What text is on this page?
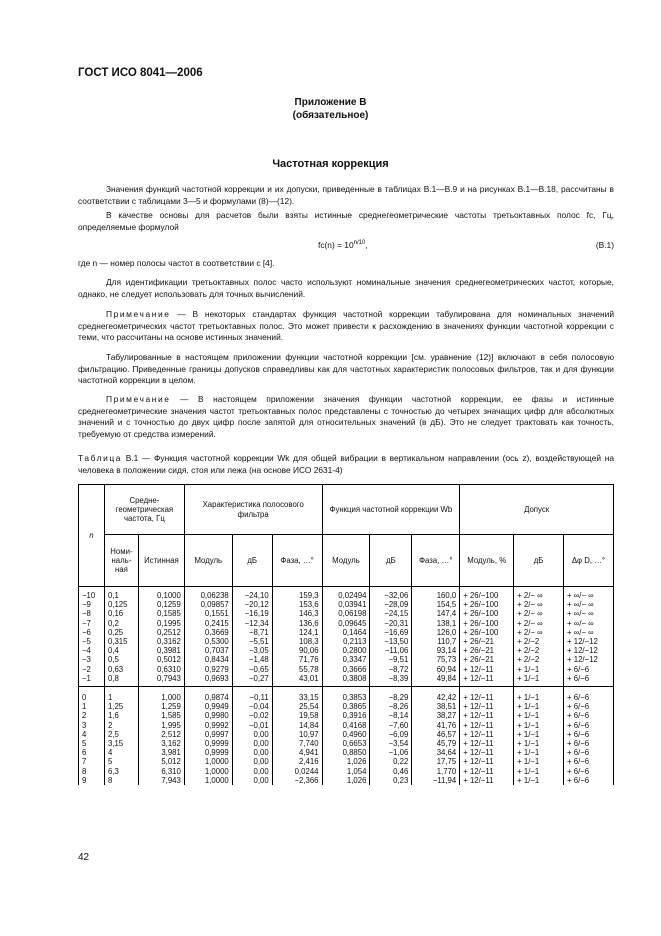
ГОСТ ИСО 8041—2006
Приложение В
(обязательное)
Частотная коррекция
Значения функций частотной коррекции и их допуски, приведенные в таблицах В.1—В.9 и на рисунках В.1—В.18, рассчитаны в соответствии с таблицами 3—5 и формулами (8)—(12).
В качестве основы для расчетов были взяты истинные среднегеометрические частоты третьоктавных полос fc, Гц, определяемые формулой
$fc(n) = 10^{n/10}$,	(В.1)
где n — номер полосы частот в соответствии с [4].
Для идентификации третьоктавных полос часто используют номинальные значения среднегеометрических частот, которые, однако, не следует использовать для точных вычислений.
Примечание — В некоторых стандартах функция частотной коррекции табулирована для номинальных значений среднегеометрических частот третьоктавных полос. Это может привести к расхождению в значениях функции частотной коррекции с теми, что рассчитаны на основе истинных значений.
Табулированные в настоящем приложении функции частотной коррекции [см. уравнение (12)] включают в себя полосовую фильтрацию. Приведенные границы допусков справедливы как для частотных характеристик полосовых фильтров, так и для функции частотной коррекции в целом.
Примечание — В настоящем приложении значения функции частотной коррекции, ее фазы и истинные среднегеометрические значения частот третьоктавных полос представлены с точностью до четырех значащих цифр для абсолютных значений и с точностью до двух цифр после запятой для относительных значений (в дБ). Это не следует трактовать как точность, требуемую от средства измерений.
Таблица В.1 — Функция частотной коррекции Wk для общей вибрации в вертикальном направлении (ось z), воздействующей на человека в положении сидя, стоя или лежа (на основе ИСО 2631-4)
n	Средне-геометрическая частота, Гц		Характеристика полосового фильтра			Функция частотной коррекции Wb			Допуск		
	Номи-наль-ная	Истинная	Модуль	дБ	Фаза, …°	Модуль	дБ	Фаза, …°	Модуль, %	дБ	Δφ D, …°
−10	0,1	0,1000	0,06238	−24,10	159,3	0,02494	−32,06	160,0	+ 26/−100	+ 2/− ∞	+ ∞/− ∞
−9	0,125	0,1259	0,09857	−20,12	153,6	0,03941	−28,09	154,5	+ 26/−100	+ 2/− ∞	+ ∞/− ∞
−8	0,16	0,1585	0,1551	−16,19	146,3	0,06198	−24,15	147,4	+ 26/−100	+ 2/− ∞	+ ∞/− ∞
−7	0,2	0,1995	0,2415	−12,34	136,6	0,09645	−20,31	138,1	+ 26/−100	+ 2/− ∞	+ ∞/− ∞
−6	0,25	0,2512	0,3669	−8,71	124,1	0,1464	−16,69	126,0	+ 26/−100	+ 2/− ∞	+ ∞/− ∞
−5	0,315	0,3162	0,5300	−5,51	108,3	0,2113	−13,50	110,7	+ 26/−21	+ 2/−2	+ 12/−12
−4	0,4	0,3981	0,7037	−3,05	90,06	0,2800	−11,06	93,14	+ 26/−21	+ 2/−2	+ 12/−12
−3	0,5	0,5012	0,8434	−1,48	71,76	0,3347	−9,51	75,73	+ 26/−21	+ 2/−2	+ 12/−12
−2	0,63	0,6310	0,9279	−0,65	55,78	0,3666	−8,72	60,94	+ 12/−11	+ 1/−1	+ 6/−6
−1	0,8	0,7943	0,9693	−0,27	43,01	0,3808	−8,39	49,84	+ 12/−11	+ 1/−1	+ 6/−6
0	1	1,000	0,9874	−0,11	33,15	0,3853	−8,29	42,42	+ 12/−11	+ 1/−1	+ 6/−6
1	1,25	1,259	0,9949	−0,04	25,54	0,3865	−8,26	38,51	+ 12/−11	+ 1/−1	+ 6/−6
2	1,6	1,585	0,9980	−0,02	19,58	0,3916	−8,14	38,27	+ 12/−11	+ 1/−1	+ 6/−6
3	2	1,995	0,9992	−0,01	14,84	0,4168	−7,60	41,76	+ 12/−11	+ 1/−1	+ 6/−6
4	2,5	2,512	0,9997	0,00	10,97	0,4960	−6,09	46,57	+ 12/−11	+ 1/−1	+ 6/−6
5	3,15	3,162	0,9999	0,00	7,740	0,6653	−3,54	45,79	+ 12/−11	+ 1/−1	+ 6/−6
6	4	3,981	0,9999	0,00	4,941	0,8850	−1,06	34,64	+ 12/−11	+ 1/−1	+ 6/−6
7	5	5,012	1,0000	0,00	2,416	1,026	0,22	17,75	+ 12/−11	+ 1/−1	+ 6/−6
8	6,3	6,310	1,0000	0,00	0,0244	1,054	0,46	1,770	+ 12/−11	+ 1/−1	+ 6/−6
9	8	7,943	1,0000	0,00	−2,366	1,026	0,23	−11,94	+ 12/−11	+ 1/−1	+ 6/−6
42
